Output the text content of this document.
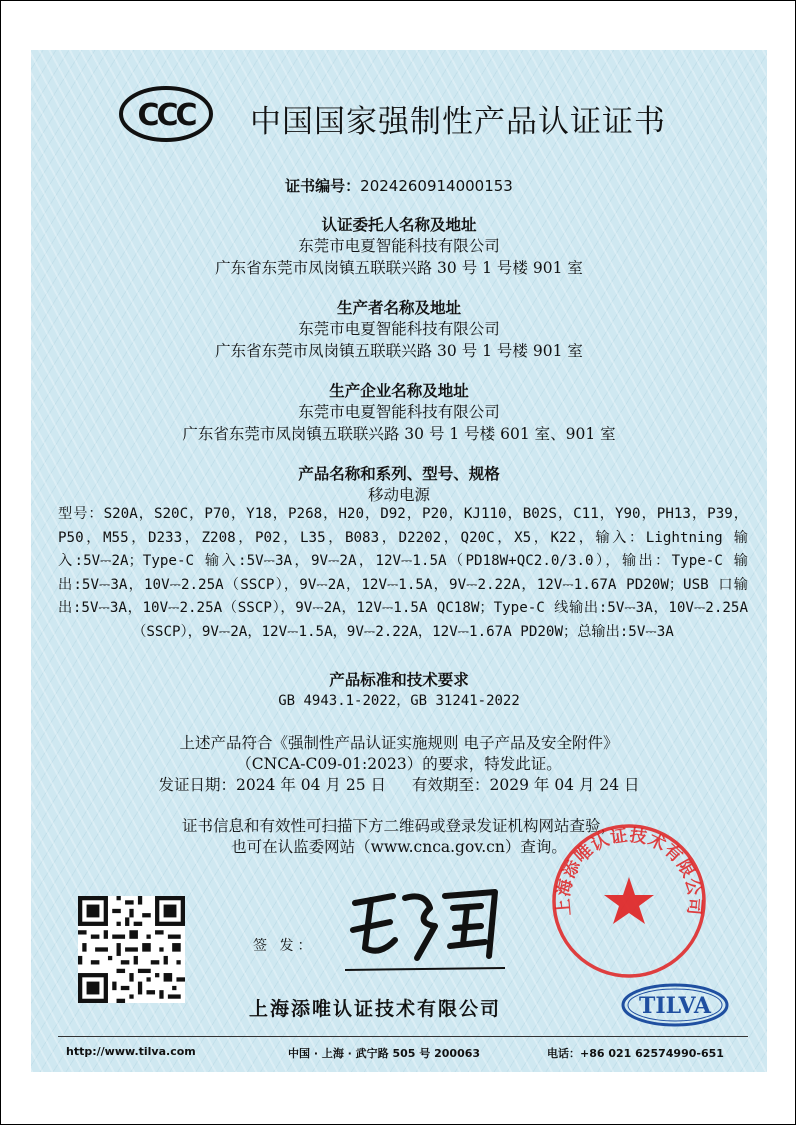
CCC 中国国家强制性产品认证证书
证书编号：2024260914000153
认证委托人名称及地址
东莞市电夏智能科技有限公司
广东省东莞市凤岗镇五联联兴路 30 号 1 号楼 901 室
生产者名称及地址
东莞市电夏智能科技有限公司
广东省东莞市凤岗镇五联联兴路 30 号 1 号楼 901 室
生产企业名称及地址
东莞市电夏智能科技有限公司
广东省东莞市凤岗镇五联联兴路 30 号 1 号楼 601 室、901 室
产品名称和系列、型号、规格
移动电源
型号：S20A，S20C，P70，Y18，P268，H20，D92，P20，KJ110，B02S，C11，Y90，PH13，P39，P50，M55，D233，Z208，P02，L35，B083，D2202，Q20C，X5，K22，输入：Lightning 输入:5V⎓2A；Type-C 输入:5V⎓3A，9V⎓2A，12V⎓1.5A（PD18W+QC2.0/3.0），输出：Type-C 输出:5V⎓3A，10V⎓2.25A（SSCP），9V⎓2A，12V⎓1.5A，9V⎓2.22A，12V⎓1.67A PD20W；USB 口输出:5V⎓3A，10V⎓2.25A（SSCP），9V⎓2A，12V⎓1.5A QC18W；Type-C 线输出:5V⎓3A，10V⎓2.25A（SSCP），9V⎓2A，12V⎓1.5A，9V⎓2.22A，12V⎓1.67A PD20W；总输出:5V⎓3A
产品标准和技术要求
GB 4943.1-2022，GB 31241-2022
上述产品符合《强制性产品认证实施规则 电子产品及安全附件》
（CNCA-C09-01:2023）的要求，特发此证。
发证日期：2024 年 04 月 25 日 有效期至：2029 年 04 月 24 日
证书信息和有效性可扫描下方二维码或登录发证机构网站查验，
也可在认监委网站（www.cnca.gov.cn）查询。
签 发：
上海添唯认证技术有限公司
上海添唯认证技术有限公司	TILVA
http://www.tilva.com	中国 · 上海 · 武宁路 505 号 200063	电话：+86 021 62574990-651
